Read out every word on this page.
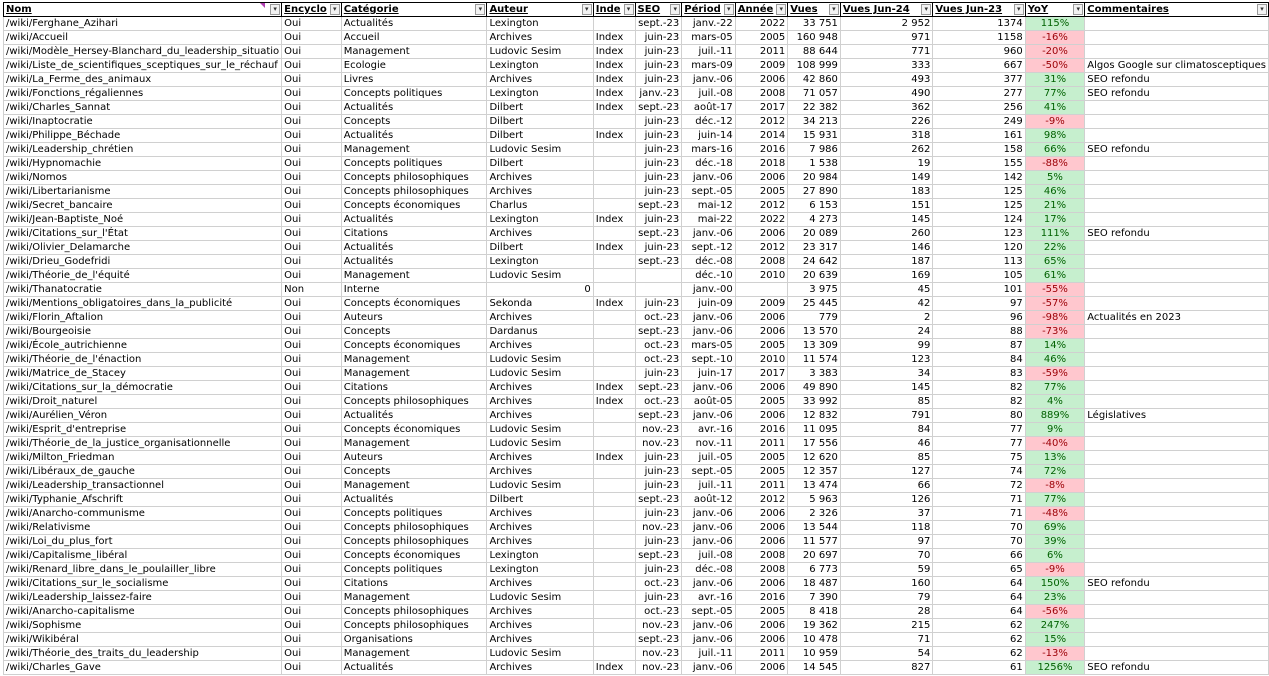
Nom ▾	Encyclo ▾	Catégorie ▾	Auteur ▾	Inde ▾	SEO ▾	Périod ▾	Année ▾	Vues ▾	Vues Jun-24 ▾	Vues Jun-23 ▾	YoY ▾	Commentaires ▾

/wiki/Ferghane_Azihari	Oui	Actualités	Lexington		sept.-23	janv.-22	2022	33 751	2 952	1374	115%	
/wiki/Accueil	Oui	Accueil	Archives	Index	juin-23	mars-05	2005	160 948	971	1158	-16%	
/wiki/Modèle_Hersey-Blanchard_du_leadership_situatio	Oui	Management	Ludovic Sesim	Index	juin-23	juil.-11	2011	88 644	771	960	-20%	
/wiki/Liste_de_scientifiques_sceptiques_sur_le_réchauf	Oui	Ecologie	Lexington	Index	juin-23	mars-09	2009	108 999	333	667	-50%	Algos Google sur climatosceptiques
/wiki/La_Ferme_des_animaux	Oui	Livres	Archives	Index	juin-23	janv.-06	2006	42 860	493	377	31%	SEO refondu
/wiki/Fonctions_régaliennes	Oui	Concepts politiques	Lexington	Index	janv.-23	juil.-08	2008	71 057	490	277	77%	SEO refondu
/wiki/Charles_Sannat	Oui	Actualités	Dilbert	Index	sept.-23	août-17	2017	22 382	362	256	41%	
/wiki/Inaptocratie	Oui	Concepts	Dilbert		juin-23	déc.-12	2012	34 213	226	249	-9%	
/wiki/Philippe_Béchade	Oui	Actualités	Dilbert	Index	juin-23	juin-14	2014	15 931	318	161	98%	
/wiki/Leadership_chrétien	Oui	Management	Ludovic Sesim		juin-23	mars-16	2016	7 986	262	158	66%	SEO refondu
/wiki/Hypnomachie	Oui	Concepts politiques	Dilbert		juin-23	déc.-18	2018	1 538	19	155	-88%	
/wiki/Nomos	Oui	Concepts philosophiques	Archives		juin-23	janv.-06	2006	20 984	149	142	5%	
/wiki/Libertarianisme	Oui	Concepts philosophiques	Archives		juin-23	sept.-05	2005	27 890	183	125	46%	
/wiki/Secret_bancaire	Oui	Concepts économiques	Charlus		sept.-23	mai-12	2012	6 153	151	125	21%	
/wiki/Jean-Baptiste_Noé	Oui	Actualités	Lexington	Index	juin-23	mai-22	2022	4 273	145	124	17%	
/wiki/Citations_sur_l'État	Oui	Citations	Archives		sept.-23	janv.-06	2006	20 089	260	123	111%	SEO refondu
/wiki/Olivier_Delamarche	Oui	Actualités	Dilbert	Index	juin-23	sept.-12	2012	23 317	146	120	22%	
/wiki/Drieu_Godefridi	Oui	Actualités	Lexington		sept.-23	déc.-08	2008	24 642	187	113	65%	
/wiki/Théorie_de_l'équité	Oui	Management	Ludovic Sesim			déc.-10	2010	20 639	169	105	61%	
/wiki/Thanatocratie	Non	Interne	0			janv.-00		3 975	45	101	-55%	
/wiki/Mentions_obligatoires_dans_la_publicité	Oui	Concepts économiques	Sekonda	Index	juin-23	juin-09	2009	25 445	42	97	-57%	
/wiki/Florin_Aftalion	Oui	Auteurs	Archives		oct.-23	janv.-06	2006	779	2	96	-98%	Actualités en 2023
/wiki/Bourgeoisie	Oui	Concepts	Dardanus		sept.-23	janv.-06	2006	13 570	24	88	-73%	
/wiki/École_autrichienne	Oui	Concepts économiques	Archives		oct.-23	mars-05	2005	13 309	99	87	14%	
/wiki/Théorie_de_l'énaction	Oui	Management	Ludovic Sesim		oct.-23	sept.-10	2010	11 574	123	84	46%	
/wiki/Matrice_de_Stacey	Oui	Management	Ludovic Sesim		juin-23	juin-17	2017	3 383	34	83	-59%	
/wiki/Citations_sur_la_démocratie	Oui	Citations	Archives	Index	sept.-23	janv.-06	2006	49 890	145	82	77%	
/wiki/Droit_naturel	Oui	Concepts philosophiques	Archives	Index	oct.-23	août-05	2005	33 992	85	82	4%	
/wiki/Aurélien_Véron	Oui	Actualités	Archives		sept.-23	janv.-06	2006	12 832	791	80	889%	Législatives
/wiki/Esprit_d'entreprise	Oui	Concepts économiques	Ludovic Sesim		nov.-23	avr.-16	2016	11 095	84	77	9%	
/wiki/Théorie_de_la_justice_organisationnelle	Oui	Management	Ludovic Sesim		nov.-23	nov.-11	2011	17 556	46	77	-40%	
/wiki/Milton_Friedman	Oui	Auteurs	Archives	Index	juin-23	juil.-05	2005	12 620	85	75	13%	
/wiki/Libéraux_de_gauche	Oui	Concepts	Archives		juin-23	sept.-05	2005	12 357	127	74	72%	
/wiki/Leadership_transactionnel	Oui	Management	Ludovic Sesim		juin-23	juil.-11	2011	13 474	66	72	-8%	
/wiki/Typhanie_Afschrift	Oui	Actualités	Dilbert		sept.-23	août-12	2012	5 963	126	71	77%	
/wiki/Anarcho-communisme	Oui	Concepts politiques	Archives		juin-23	janv.-06	2006	2 326	37	71	-48%	
/wiki/Relativisme	Oui	Concepts philosophiques	Archives		nov.-23	janv.-06	2006	13 544	118	70	69%	
/wiki/Loi_du_plus_fort	Oui	Concepts philosophiques	Archives		juin-23	janv.-06	2006	11 577	97	70	39%	
/wiki/Capitalisme_libéral	Oui	Concepts économiques	Lexington		sept.-23	juil.-08	2008	20 697	70	66	6%	
/wiki/Renard_libre_dans_le_poulailler_libre	Oui	Concepts politiques	Lexington		juin-23	déc.-08	2008	6 773	59	65	-9%	
/wiki/Citations_sur_le_socialisme	Oui	Citations	Archives		oct.-23	janv.-06	2006	18 487	160	64	150%	SEO refondu
/wiki/Leadership_laissez-faire	Oui	Management	Ludovic Sesim		juin-23	avr.-16	2016	7 390	79	64	23%	
/wiki/Anarcho-capitalisme	Oui	Concepts philosophiques	Archives		oct.-23	sept.-05	2005	8 418	28	64	-56%	
/wiki/Sophisme	Oui	Concepts philosophiques	Archives		nov.-23	janv.-06	2006	19 362	215	62	247%	
/wiki/Wikibéral	Oui	Organisations	Archives		sept.-23	janv.-06	2006	10 478	71	62	15%	
/wiki/Théorie_des_traits_du_leadership	Oui	Management	Ludovic Sesim		nov.-23	juil.-11	2011	10 959	54	62	-13%	
/wiki/Charles_Gave	Oui	Actualités	Archives	Index	nov.-23	janv.-06	2006	14 545	827	61	1256%	SEO refondu
